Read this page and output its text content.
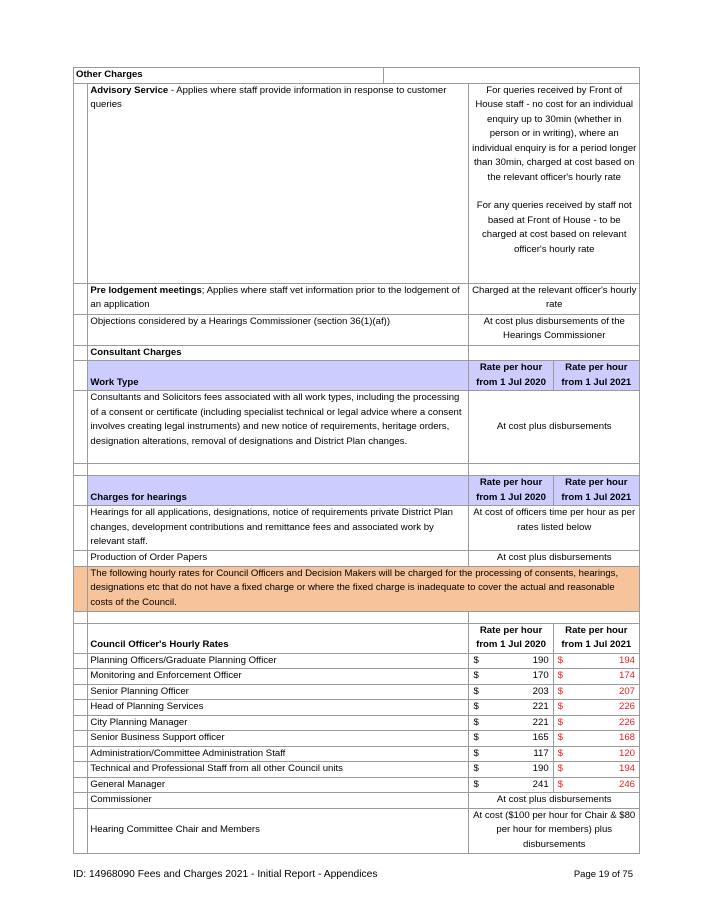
Other Charges				
	Advisory Service - Applies where staff provide information in response to customer queries		For queries received by Front of House staff - no cost for an individual enquiry up to 30min (whether in person or in writing), where an individual enquiry is for a period longer than 30min, charged at cost based on the relevant officer's hourly rate
For any queries received by staff not based at Front of House - to be charged at cost based on relevant officer's hourly rate	

	Pre lodgement meetings; Applies where staff vet information prior to the lodgement of an application		Charged at the relevant officer's hourly rate	
	Objections considered by a Hearings Commissioner (section 36(1)(af))		At cost plus disbursements of the Hearings Commissioner	
	Consultant Charges			
	Work Type		Rate per hour from 1 Jul 2020	Rate per hour from 1 Jul 2021
	Consultants and Solicitors fees associated with all work types, including the processing of a consent or certificate (including specialist technical or legal advice where a consent involves creating legal instruments) and new notice of requirements, heritage orders, designation alterations, removal of designations and District Plan changes.		At cost plus disbursements	

	Charges for hearings		Rate per hour from 1 Jul 2020	Rate per hour from 1 Jul 2021
	Hearings for all applications, designations, notice of requirements private District Plan changes, development contributions and remittance fees and associated work by relevant staff.		At cost of officers time per hour as per rates listed below	
	Production of Order Papers		At cost plus disbursements	
	The following hourly rates for Council Officers and Decision Makers will be charged for the processing of consents, hearings, designations etc that do not have a fixed charge or where the fixed charge is inadequate to cover the actual and reasonable costs of the Council.			

	Council Officer's Hourly Rates		Rate per hour from 1 Jul 2020	Rate per hour from 1 Jul 2021
	Planning Officers/Graduate Planning Officer		$ 190	$ 194

	Monitoring and Enforcement Officer		$ 170	$ 174

	Senior Planning Officer		$ 203	$ 207

	Head of Planning Services		$ 221	$ 226

	City Planning Manager		$ 221	$ 226

	Senior Business Support officer		$ 165	$ 168

	Administration/Committee Administration Staff		$ 117	$ 120

	Technical and Professional Staff from all other Council units		$ 190	$ 194

	General Manager		$ 241	$ 246

	Commissioner		At cost plus disbursements	
	Hearing Committee Chair and Members		At cost ($100 per hour for Chair & $80 per hour for members) plus disbursements	
ID: 14968090 Fees and Charges 2021 - Initial Report - Appendices	Page 19 of 75
